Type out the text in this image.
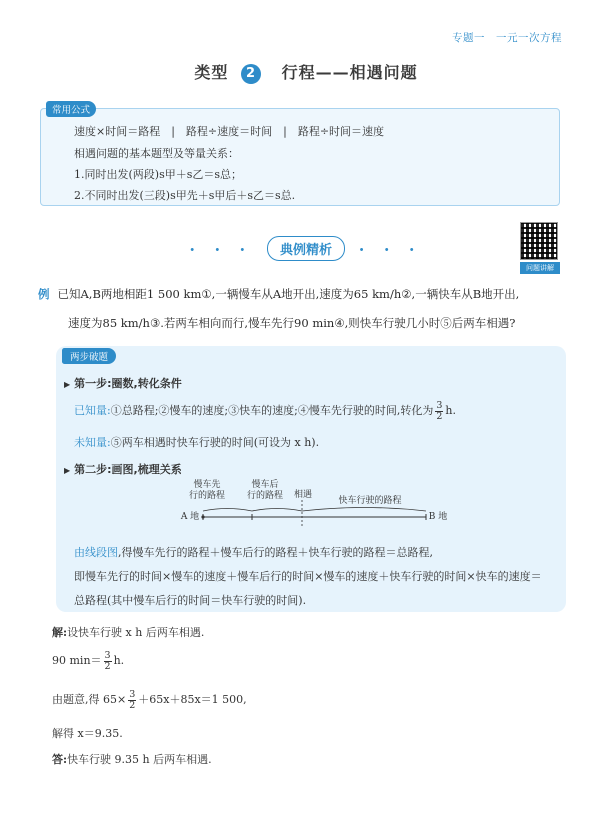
专题一　一元一次方程
类型 2 行程——相遇问题
常用公式
速度×时间＝路程　|　路程÷速度＝时间　|　路程÷时间＝速度
相遇问题的基本题型及等量关系：
1.同时出发(两段)s甲＋s乙＝s总；
2.不同时出发(三段)s甲先＋s甲后＋s乙＝s总.
• • • 典例精析	• • •
问题讲解
例 已知A,B两地相距1 500 km①,一辆慢车从A地开出,速度为65 km/h②,一辆快车从B地开出,
速度为85 km/h③.若两车相向而行,慢车先行90 min④,则快车行驶几小时⑤后两车相遇?
两步破题
▶ 第一步:圈数,转化条件
已知量:①总路程;②慢车的速度;③快车的速度;④慢车先行驶的时间,转化为 $\frac{3}{2} h$.
未知量:⑤两车相遇时快车行驶的时间(可设为 x h).
▶ 第二步:画图,梳理关系
慢车先
行的路程
慢车后
行的路程	相遇
快车行驶的路程
A 地	B 地
由线段图,得慢车先行的路程＋慢车后行的路程＋快车行驶的路程＝总路程,
即慢车先行的时间×慢车的速度＋慢车后行的时间×慢车的速度＋快车行驶的时间×快车的速度＝
总路程(其中慢车后行的时间＝快车行驶的时间).
解:设快车行驶 x h 后两车相遇.
90 $\min= \frac{3}{2} h$.
由题意,得 $65\times \frac{3}{2} +65x+85x=1$ 500,
解得 x＝9.35.
答:快车行驶 9.35 h 后两车相遇.
